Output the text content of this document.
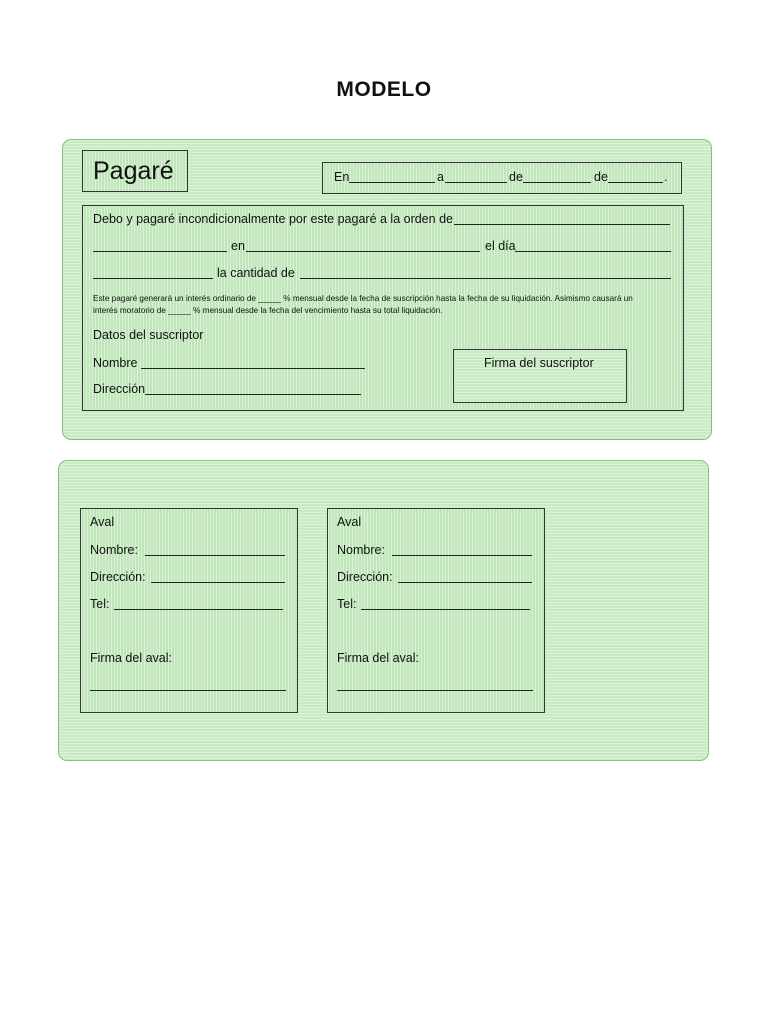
MODELO
Pagaré	En	a	de	de	.
Debo y pagaré incondicionalmente por este pagaré a la orden de
en	el día
la cantidad de
Este pagaré generará un interés ordinario de _____ % mensual desde la fecha de suscripción hasta la fecha de su liquidación. Asimismo causará un
interés moratorio de _____ % mensual desde la fecha del vencimiento hasta su total liquidación.
Datos del suscriptor
Nombre
Dirección
Firma del suscriptor
Aval
Nombre:
Dirección:
Tel:
Firma del aval:
Aval
Nombre:
Dirección:
Tel:
Firma del aval:
